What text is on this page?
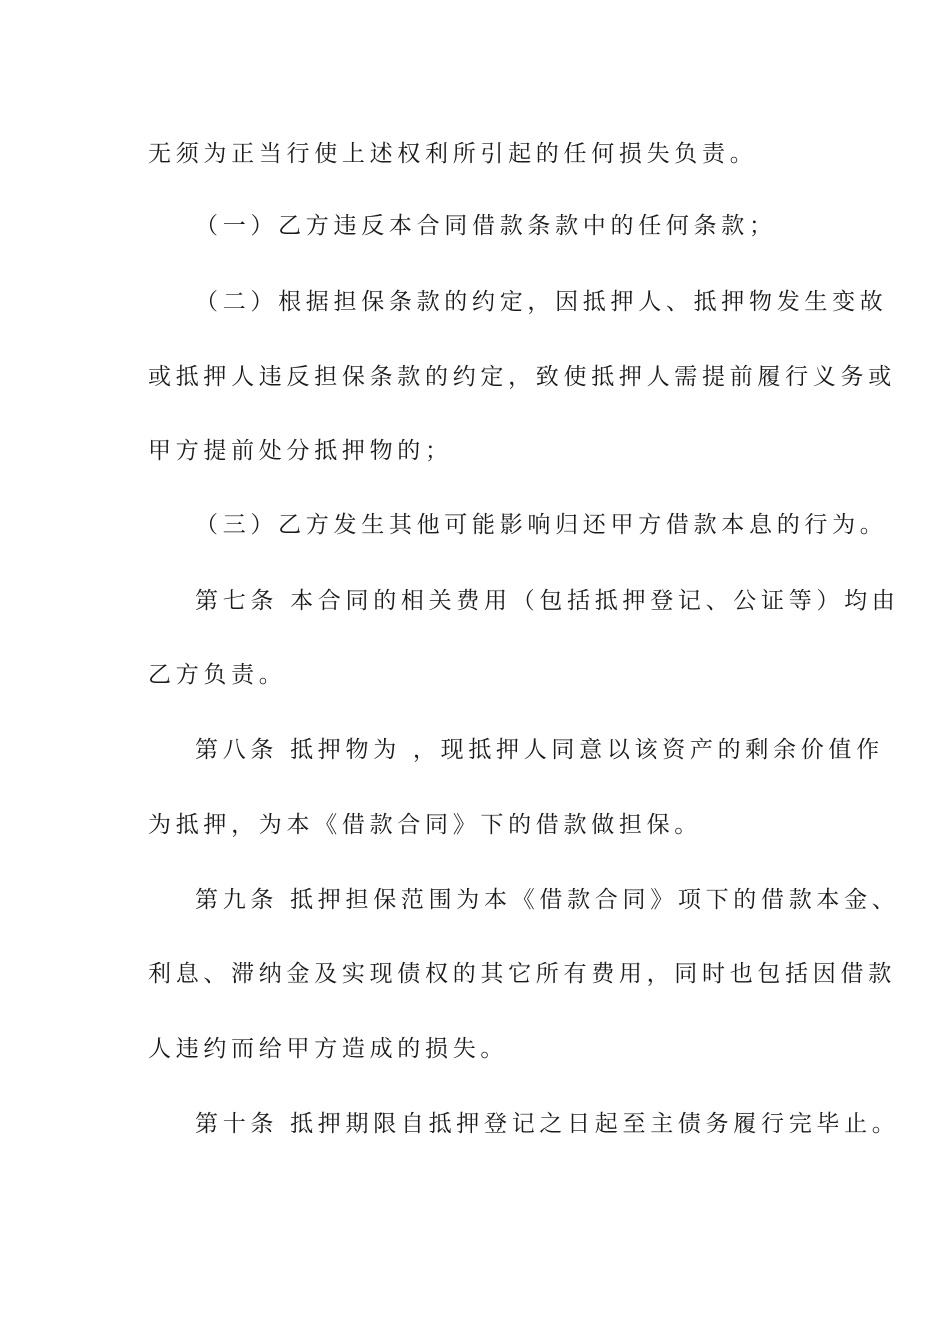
无须为正当行使上述权利所引起的任何损失负责。
（一）乙方违反本合同借款条款中的任何条款；
（二）根据担保条款的约定，因抵押人、抵押物发生变故
或抵押人违反担保条款的约定，致使抵押人需提前履行义务或
甲方提前处分抵押物的；
（三）乙方发生其他可能影响归还甲方借款本息的行为。
第七条 本合同的相关费用（包括抵押登记、公证等）均由
乙方负责。
第八条 抵押物为 ，现抵押人同意以该资产的剩余价值作
为抵押，为本《借款合同》下的借款做担保。
第九条 抵押担保范围为本《借款合同》项下的借款本金、
利息、滞纳金及实现债权的其它所有费用，同时也包括因借款
人违约而给甲方造成的损失。
第十条 抵押期限自抵押登记之日起至主债务履行完毕止。
